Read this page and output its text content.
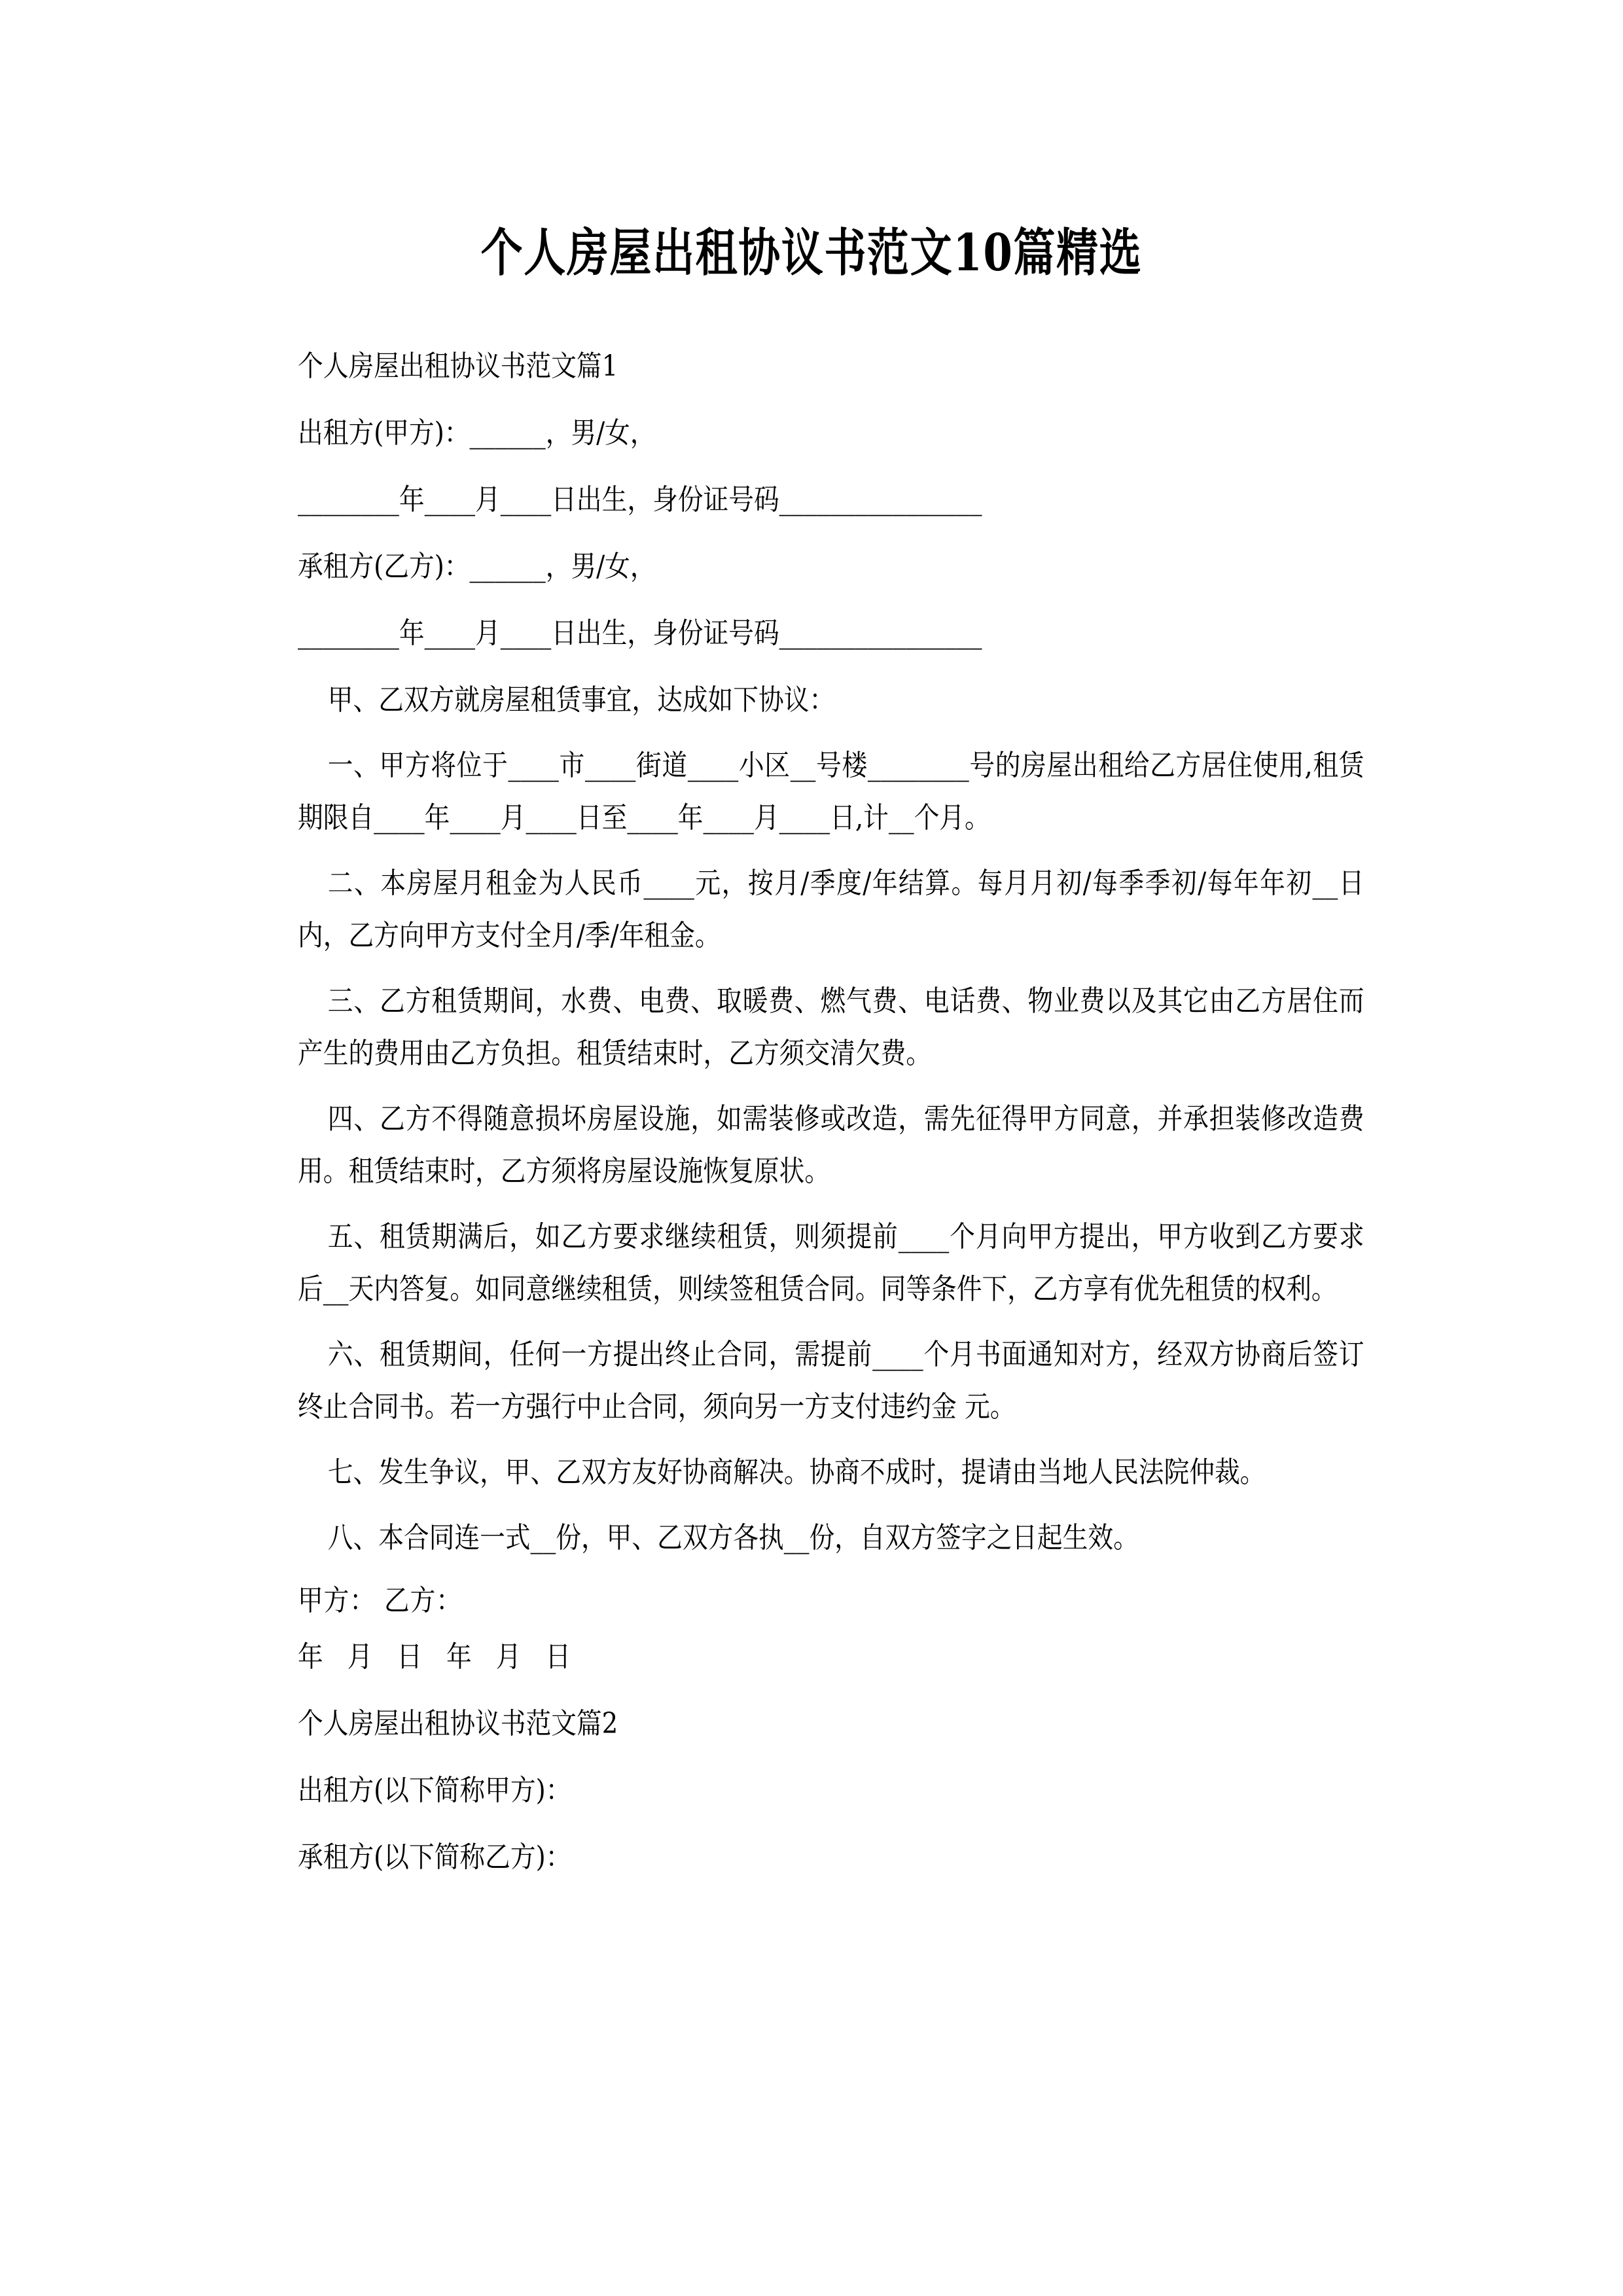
个人房屋出租协议书范文10篇精选

个人房屋出租协议书范文篇1

出租方(甲方)：______，男/女，

________年____月____日出生，身份证号码________________

承租方(乙方)：______，男/女，

________年____月____日出生，身份证号码________________

甲、乙双方就房屋租赁事宜，达成如下协议：

一、甲方将位于____市____街道____小区__号楼________号的房屋出租给乙方居住使用,租赁期限自____年____月____日至____年____月____日,计__个月。

二、本房屋月租金为人民币____元，按月/季度/年结算。每月月初/每季季初/每年年初__日内，乙方向甲方支付全月/季/年租金。

三、乙方租赁期间，水费、电费、取暖费、燃气费、电话费、物业费以及其它由乙方居住而产生的费用由乙方负担。租赁结束时，乙方须交清欠费。

四、乙方不得随意损坏房屋设施，如需装修或改造，需先征得甲方同意，并承担装修改造费用。租赁结束时，乙方须将房屋设施恢复原状。

五、租赁期满后，如乙方要求继续租赁，则须提前____个月向甲方提出，甲方收到乙方要求后__天内答复。如同意继续租赁，则续签租赁合同。同等条件下，乙方享有优先租赁的权利。

六、租赁期间，任何一方提出终止合同，需提前____个月书面通知对方，经双方协商后签订终止合同书。若一方强行中止合同，须向另一方支付违约金 元。

七、发生争议，甲、乙双方友好协商解决。协商不成时，提请由当地人民法院仲裁。

八、本合同连一式__份，甲、乙双方各执__份，自双方签字之日起生效。

甲方： 乙方：

年 月 日 年 月 日

个人房屋出租协议书范文篇2

出租方(以下简称甲方)：

承租方(以下简称乙方)：
